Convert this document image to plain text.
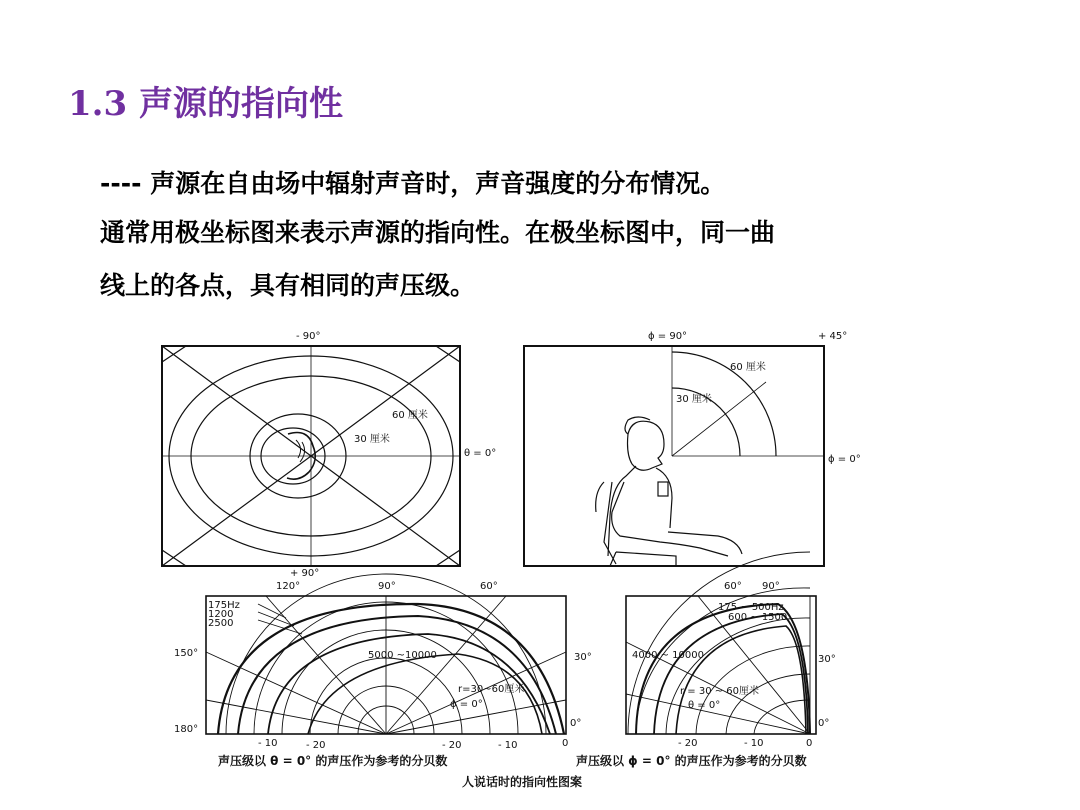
1.3 声源的指向性
---- 声源在自由场中辐射声音时，声音强度的分布情况。
通常用极坐标图来表示声源的指向性。在极坐标图中，同一曲
线上的各点，具有相同的声压级。
- 90°
+ 90°
θ = 0°
60 厘米
30 厘米
ϕ = 90°	+ 45°
ϕ = 0°
60 厘米
30 厘米
120°	90°	60°
150°	30°
180°
0°
175Hz
1200
2500
5000 ~10000
r=30~60厘米
ϕ = 0°
- 10	- 20	- 20	- 10	0
声压级以 θ = 0° 的声压作为参考的分贝数
90°
60°
30°
0°
175 ~ 500Hz
600 ~ 1500
4000 ~ 10000
r = 30 ~ 60厘米
θ = 0°
- 20	- 10	0
声压级以 ϕ = 0° 的声压作为参考的分贝数
人说话时的指向性图案
